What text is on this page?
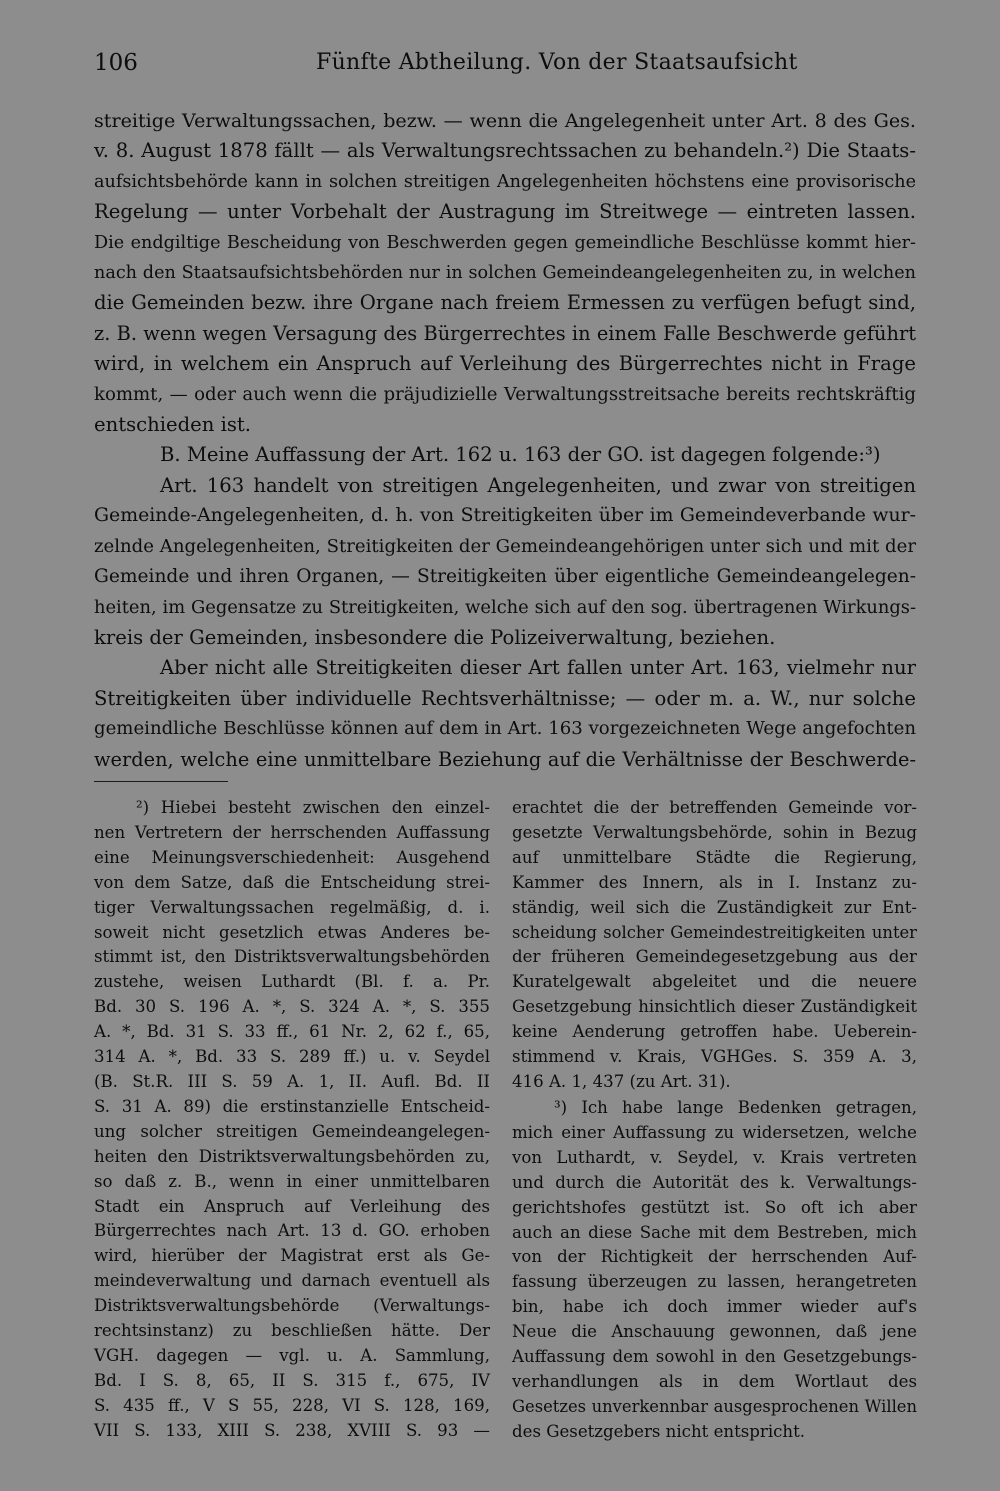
106	Fünfte Abtheilung. Von der Staatsaufsicht
streitige Verwaltungssachen, bezw. — wenn die Angelegenheit unter Art. 8 des Ges.
v. 8. August 1878 fällt — als Verwaltungsrechtssachen zu behandeln.²) Die Staats-
aufsichtsbehörde kann in solchen streitigen Angelegenheiten höchstens eine provisorische
Regelung — unter Vorbehalt der Austragung im Streitwege — eintreten lassen.
Die endgiltige Bescheidung von Beschwerden gegen gemeindliche Beschlüsse kommt hier-
nach den Staatsaufsichtsbehörden nur in solchen Gemeindeangelegenheiten zu, in welchen
die Gemeinden bezw. ihre Organe nach freiem Ermessen zu verfügen befugt sind,
z. B. wenn wegen Versagung des Bürgerrechtes in einem Falle Beschwerde geführt
wird, in welchem ein Anspruch auf Verleihung des Bürgerrechtes nicht in Frage
kommt, — oder auch wenn die präjudizielle Verwaltungsstreitsache bereits rechtskräftig
entschieden ist.
B. Meine Auffassung der Art. 162 u. 163 der GO. ist dagegen folgende:³)
Art. 163 handelt von streitigen Angelegenheiten, und zwar von streitigen
Gemeinde-Angelegenheiten, d. h. von Streitigkeiten über im Gemeindeverbande wur-
zelnde Angelegenheiten, Streitigkeiten der Gemeindeangehörigen unter sich und mit der
Gemeinde und ihren Organen, — Streitigkeiten über eigentliche Gemeindeangelegen-
heiten, im Gegensatze zu Streitigkeiten, welche sich auf den sog. übertragenen Wirkungs-
kreis der Gemeinden, insbesondere die Polizeiverwaltung, beziehen.
Aber nicht alle Streitigkeiten dieser Art fallen unter Art. 163, vielmehr nur
Streitigkeiten über individuelle Rechtsverhältnisse; — oder m. a. W., nur solche
gemeindliche Beschlüsse können auf dem in Art. 163 vorgezeichneten Wege angefochten
werden, welche eine unmittelbare Beziehung auf die Verhältnisse der Beschwerde-
²) Hiebei besteht zwischen den einzel-
nen Vertretern der herrschenden Auffassung
eine Meinungsverschiedenheit: Ausgehend
von dem Satze, daß die Entscheidung strei-
tiger Verwaltungssachen regelmäßig, d. i.
soweit nicht gesetzlich etwas Anderes be-
stimmt ist, den Distriktsverwaltungsbehörden
zustehe, weisen Luthardt (Bl. f. a. Pr.
Bd. 30 S. 196 A. *, S. 324 A. *, S. 355
A. *, Bd. 31 S. 33 ff., 61 Nr. 2, 62 f., 65,
314 A. *, Bd. 33 S. 289 ff.) u. v. Seydel
(B. St.R. III S. 59 A. 1, II. Aufl. Bd. II
S. 31 A. 89) die erstinstanzielle Entscheid-
ung solcher streitigen Gemeindeangelegen-
heiten den Distriktsverwaltungsbehörden zu,
so daß z. B., wenn in einer unmittelbaren
Stadt ein Anspruch auf Verleihung des
Bürgerrechtes nach Art. 13 d. GO. erhoben
wird, hierüber der Magistrat erst als Ge-
meindeverwaltung und darnach eventuell als
Distriktsverwaltungsbehörde (Verwaltungs-
rechtsinstanz) zu beschließen hätte. Der
VGH. dagegen — vgl. u. A. Sammlung,
Bd. I S. 8, 65, II S. 315 f., 675, IV
S. 435 ff., V S 55, 228, VI S. 128, 169,
VII S. 133, XIII S. 238, XVIII S. 93 —
erachtet die der betreffenden Gemeinde vor-
gesetzte Verwaltungsbehörde, sohin in Bezug
auf unmittelbare Städte die Regierung,
Kammer des Innern, als in I. Instanz zu-
ständig, weil sich die Zuständigkeit zur Ent-
scheidung solcher Gemeindestreitigkeiten unter
der früheren Gemeindegesetzgebung aus der
Kuratelgewalt abgeleitet und die neuere
Gesetzgebung hinsichtlich dieser Zuständigkeit
keine Aenderung getroffen habe. Ueberein-
stimmend v. Krais, VGHGes. S. 359 A. 3,
416 A. 1, 437 (zu Art. 31).
³) Ich habe lange Bedenken getragen,
mich einer Auffassung zu widersetzen, welche
von Luthardt, v. Seydel, v. Krais vertreten
und durch die Autorität des k. Verwaltungs-
gerichtshofes gestützt ist. So oft ich aber
auch an diese Sache mit dem Bestreben, mich
von der Richtigkeit der herrschenden Auf-
fassung überzeugen zu lassen, herangetreten
bin, habe ich doch immer wieder auf's
Neue die Anschauung gewonnen, daß jene
Auffassung dem sowohl in den Gesetzgebungs-
verhandlungen als in dem Wortlaut des
Gesetzes unverkennbar ausgesprochenen Willen
des Gesetzgebers nicht entspricht.
